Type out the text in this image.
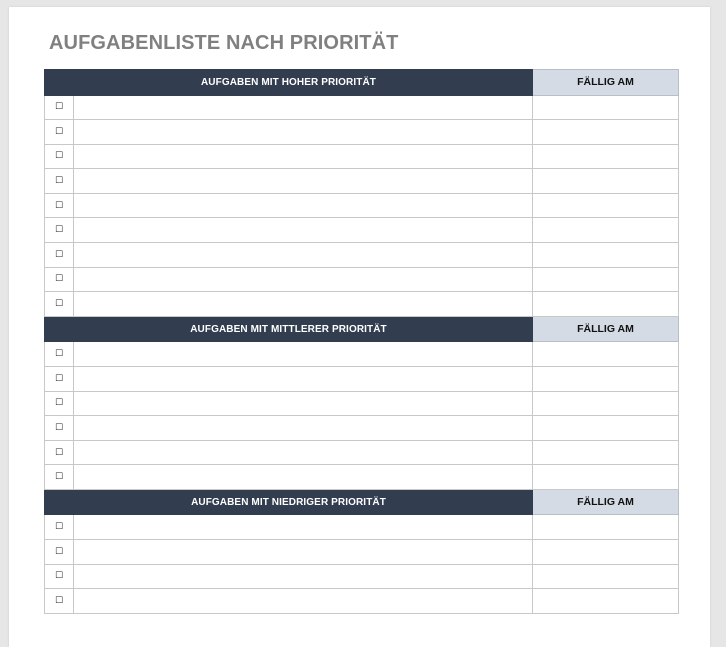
AUFGABENLISTE NACH PRIORITÄT
AUFGABEN MIT HOHER PRIORITÄT		FÄLLIG AM
☐		
☐		
☐		
☐		
☐		
☐		
☐		
☐		
☐		
AUFGABEN MIT MITTLERER PRIORITÄT		FÄLLIG AM
☐		
☐		
☐		
☐		
☐		
☐		
AUFGABEN MIT NIEDRIGER PRIORITÄT		FÄLLIG AM
☐		
☐		
☐		
☐		
